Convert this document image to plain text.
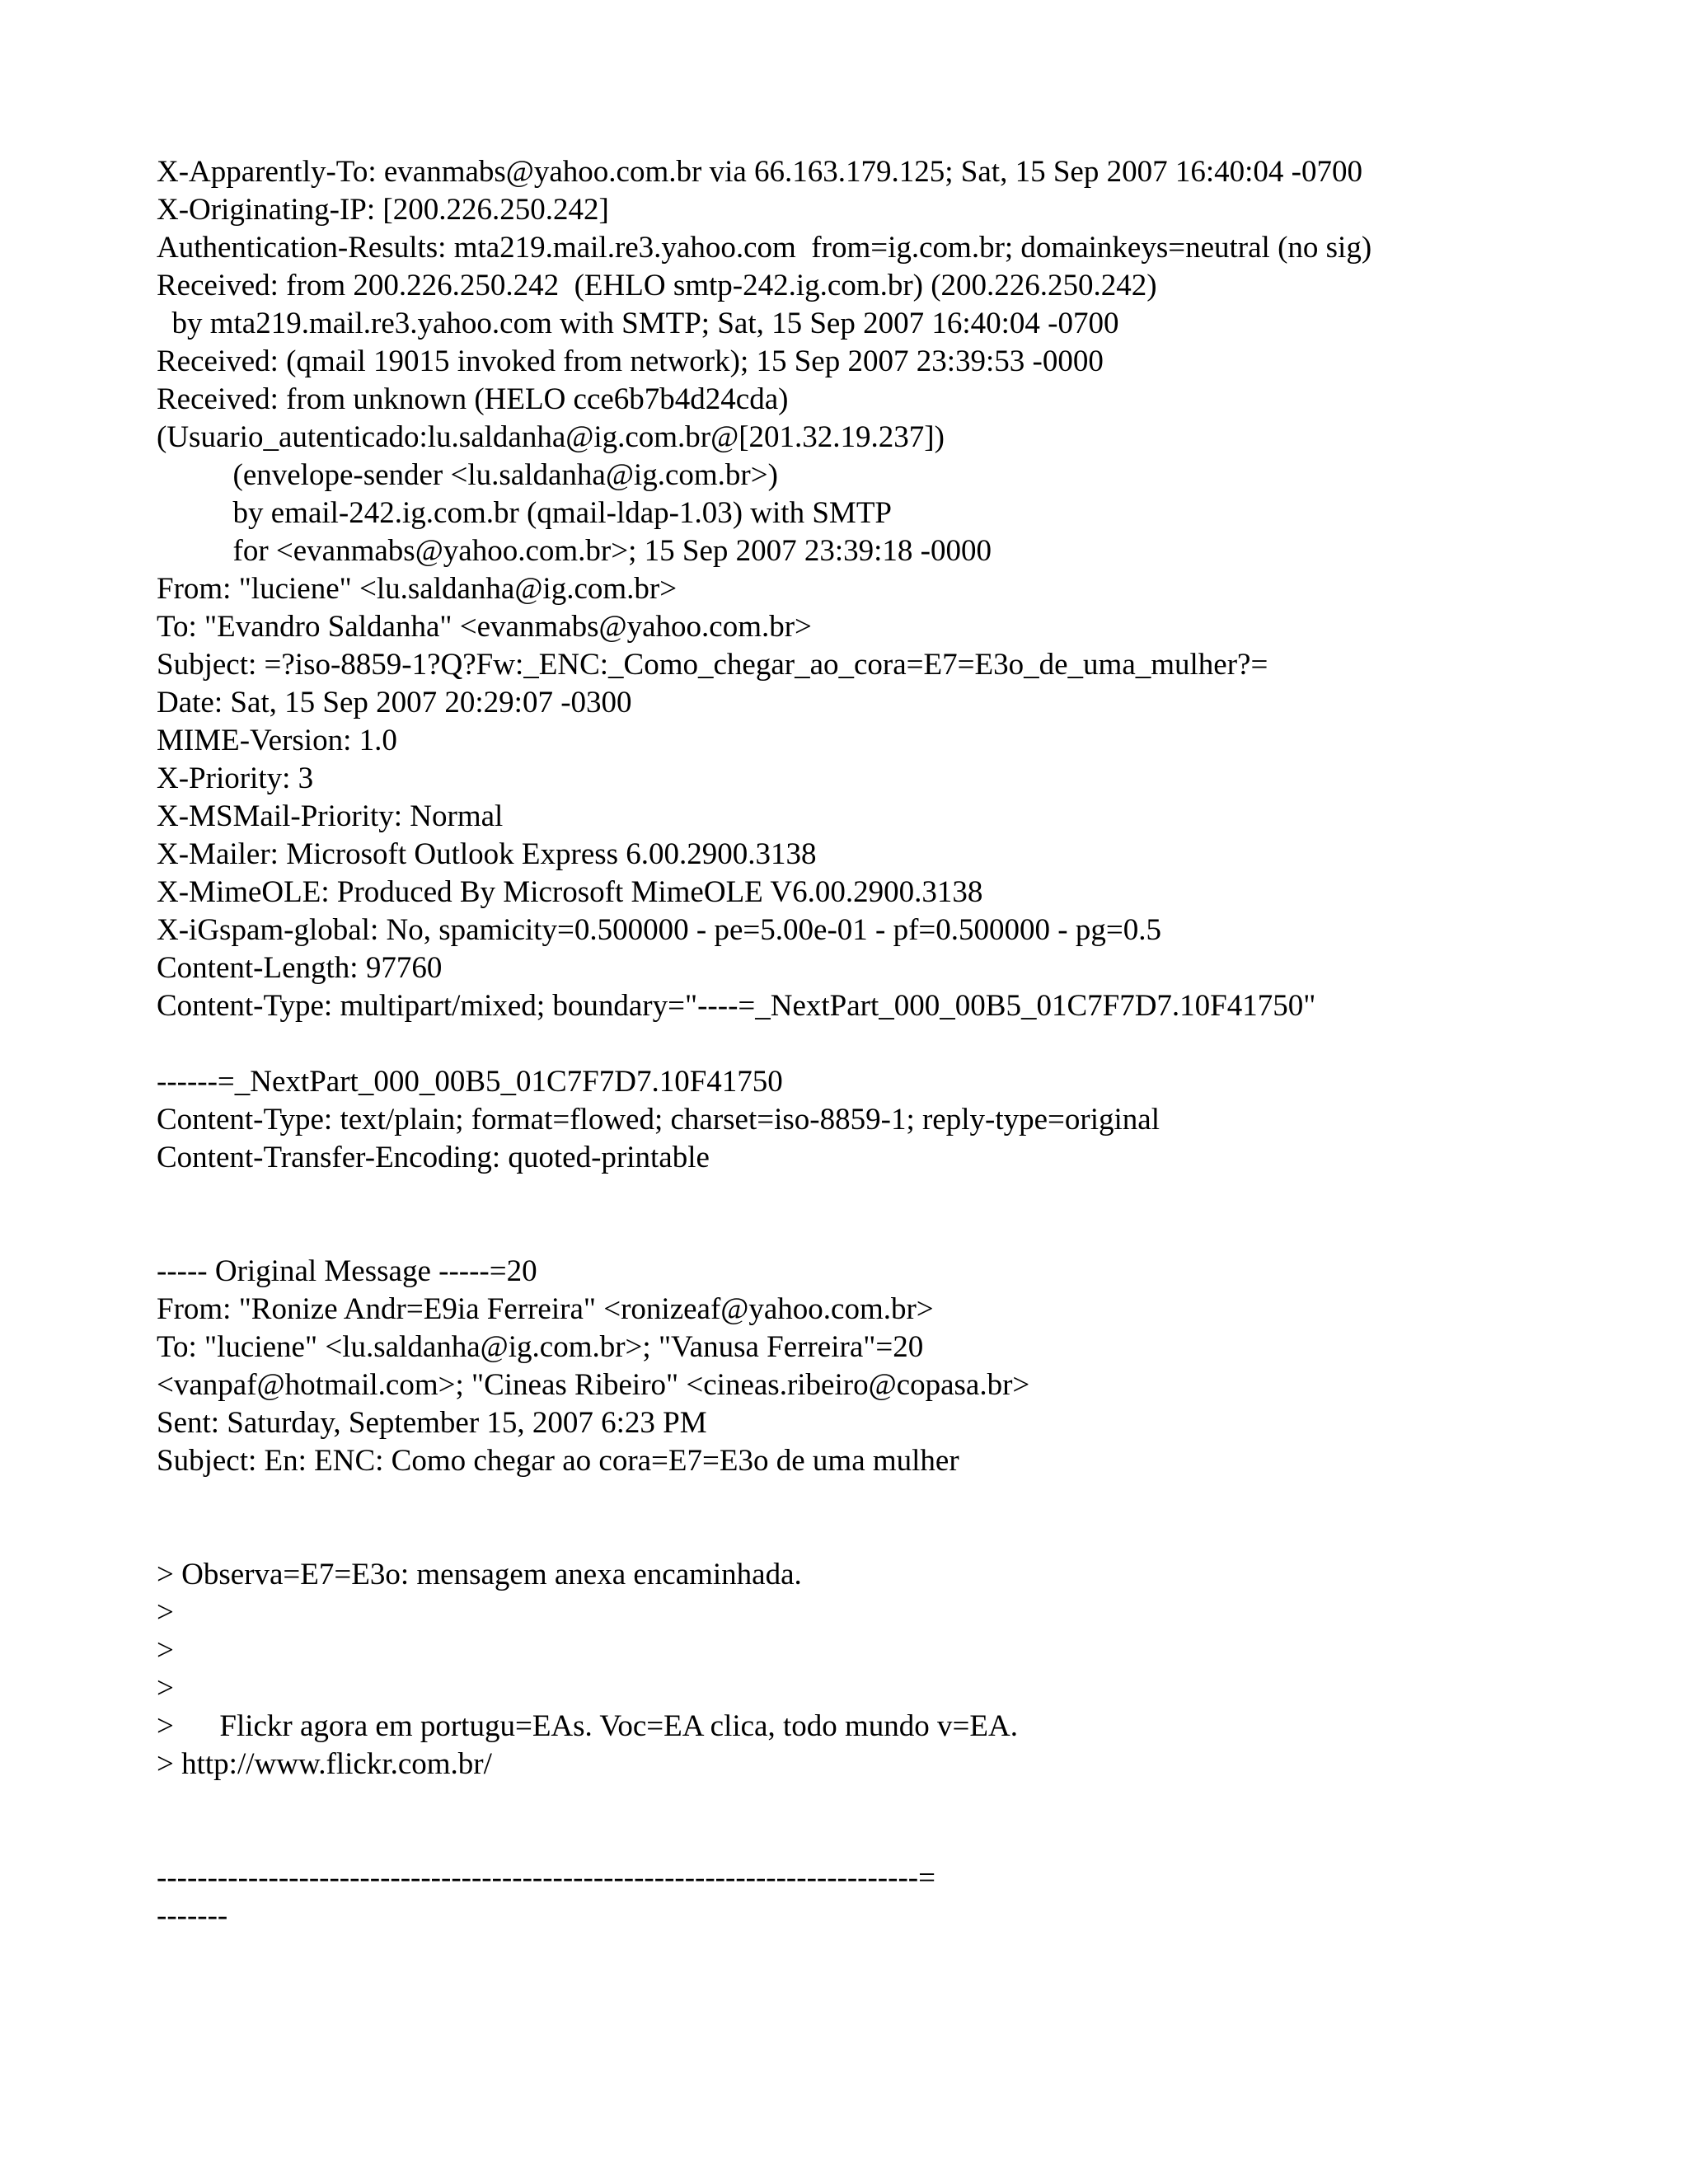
X-Apparently-To: evanmabs@yahoo.com.br via 66.163.179.125; Sat, 15 Sep 2007 16:40:04 -0700
X-Originating-IP: [200.226.250.242]
Authentication-Results: mta219.mail.re3.yahoo.com  from=ig.com.br; domainkeys=neutral (no sig)
Received: from 200.226.250.242  (EHLO smtp-242.ig.com.br) (200.226.250.242)
by mta219.mail.re3.yahoo.com with SMTP; Sat, 15 Sep 2007 16:40:04 -0700
Received: (qmail 19015 invoked from network); 15 Sep 2007 23:39:53 -0000
Received: from unknown (HELO cce6b7b4d24cda)
(Usuario_autenticado:lu.saldanha@ig.com.br@[201.32.19.237])
(envelope-sender <lu.saldanha@ig.com.br>)
by email-242.ig.com.br (qmail-ldap-1.03) with SMTP
for <evanmabs@yahoo.com.br>; 15 Sep 2007 23:39:18 -0000
From: "luciene" <lu.saldanha@ig.com.br>
To: "Evandro Saldanha" <evanmabs@yahoo.com.br>
Subject: =?iso-8859-1?Q?Fw:_ENC:_Como_chegar_ao_cora=E7=E3o_de_uma_mulher?=
Date: Sat, 15 Sep 2007 20:29:07 -0300
MIME-Version: 1.0
X-Priority: 3
X-MSMail-Priority: Normal
X-Mailer: Microsoft Outlook Express 6.00.2900.3138
X-MimeOLE: Produced By Microsoft MimeOLE V6.00.2900.3138
X-iGspam-global: No, spamicity=0.500000 - pe=5.00e-01 - pf=0.500000 - pg=0.5
Content-Length: 97760
Content-Type: multipart/mixed; boundary="----=_NextPart_000_00B5_01C7F7D7.10F41750"
------=_NextPart_000_00B5_01C7F7D7.10F41750
Content-Type: text/plain; format=flowed; charset=iso-8859-1; reply-type=original
Content-Transfer-Encoding: quoted-printable
----- Original Message -----=20
From: "Ronize Andr=E9ia Ferreira" <ronizeaf@yahoo.com.br>
To: "luciene" <lu.saldanha@ig.com.br>; "Vanusa Ferreira"=20
<vanpaf@hotmail.com>; "Cineas Ribeiro" <cineas.ribeiro@copasa.br>
Sent: Saturday, September 15, 2007 6:23 PM
Subject: En: ENC: Como chegar ao cora=E7=E3o de uma mulher
> Observa=E7=E3o: mensagem anexa encaminhada.
>
>
>
>      Flickr agora em portugu=EAs. Voc=EA clica, todo mundo v=EA.
> http://www.flickr.com.br/
---------------------------------------------------------------------------=
-------
